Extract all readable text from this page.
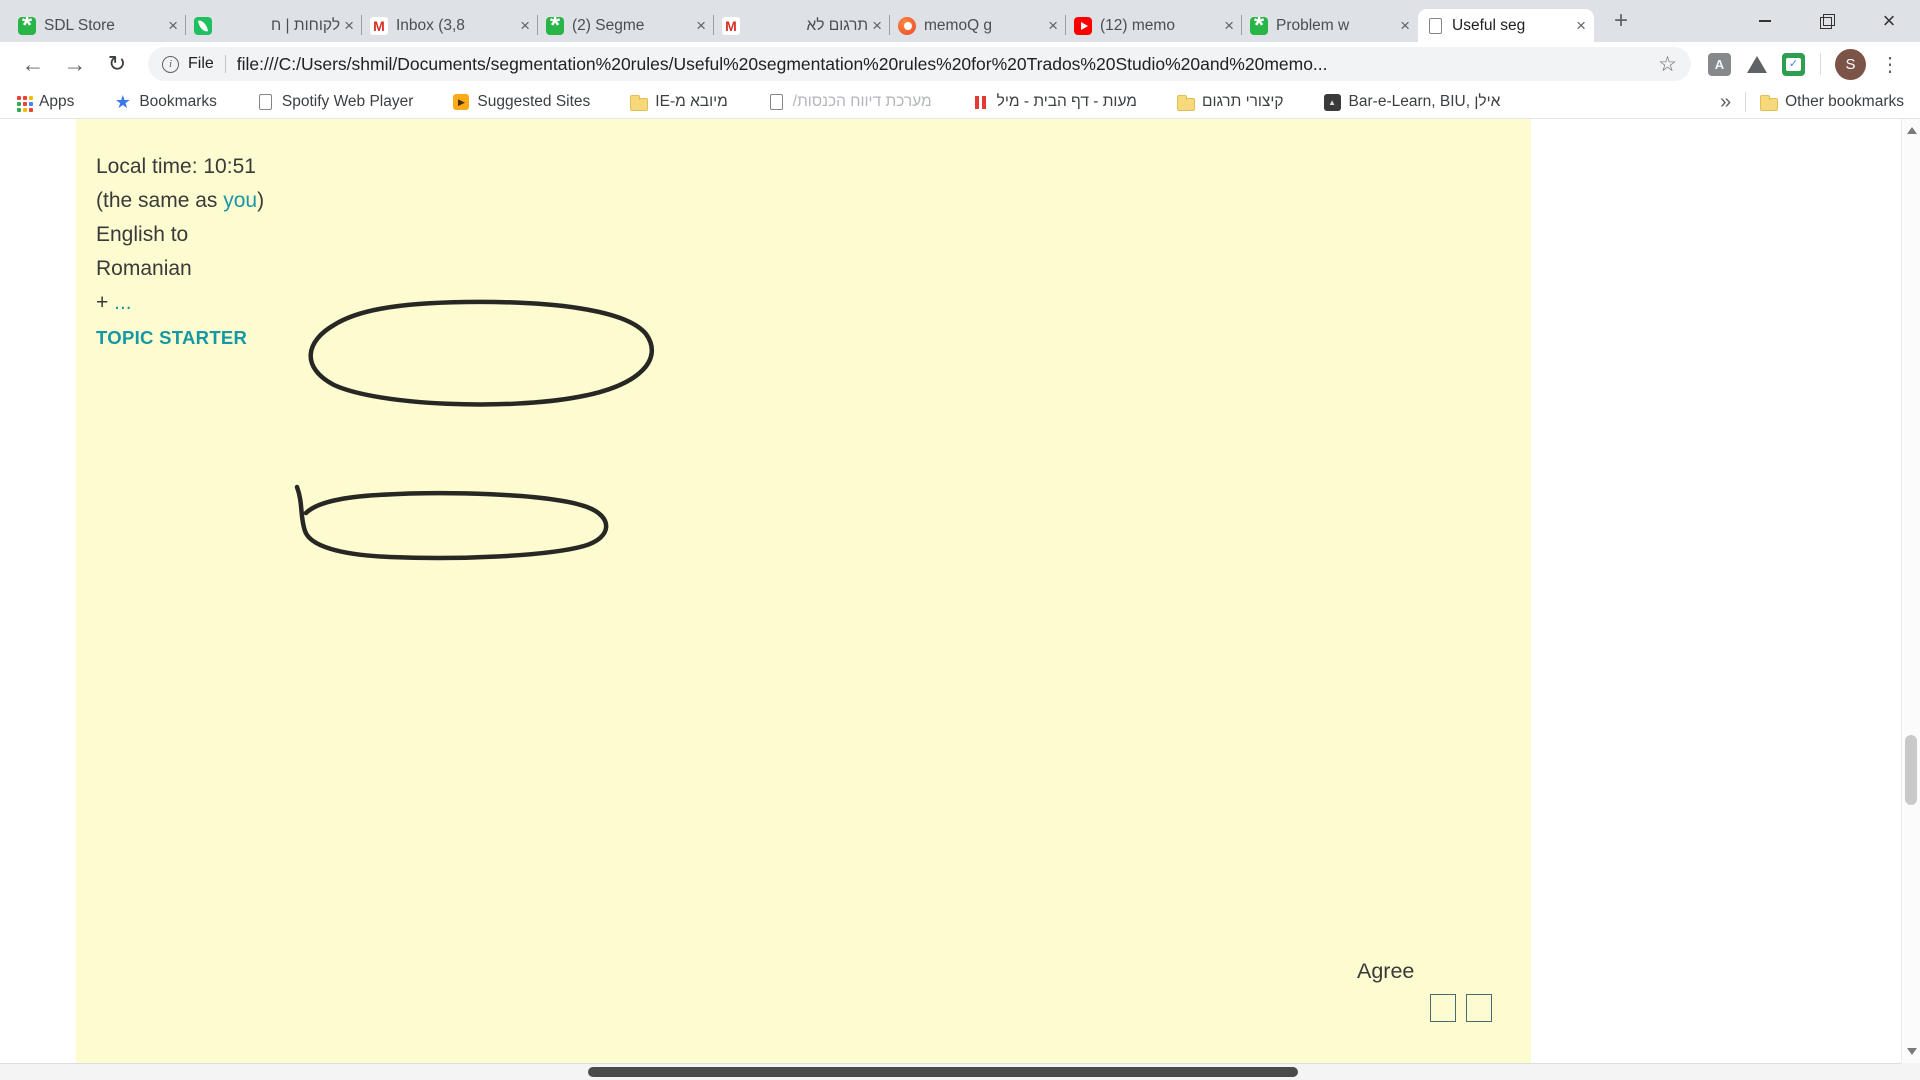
*
SDL Store	×	לקוחות | ח × M	Inbox (3,8	× *	(2) Segme	× M	תרגום לא ×	memoQ g	×	(12) memo	× *	Problem w	×	Useful seg	× +	×
← → ↻ i	File file:///C:/Users/shmil/Documents/segmentation%20rules/Useful%20segmentation%20rules%20for%20Trados%20Studio%20and%20memo...	☆ A ✓	S	⋮
Apps ★	Bookmarks	Spotify Web Player ▶	Suggested Sites	מיובא מ-IE	מערכת דיווח הכנסות/	מעות - דף הבית - מיל	קיצורי תרגום ▲	Bar-e-Learn, BIU, אילן	»	Other bookmarks
Local time: 10:51
(the same as you)
English to
Romanian
+ ...
TOPIC STARTER
Agree
